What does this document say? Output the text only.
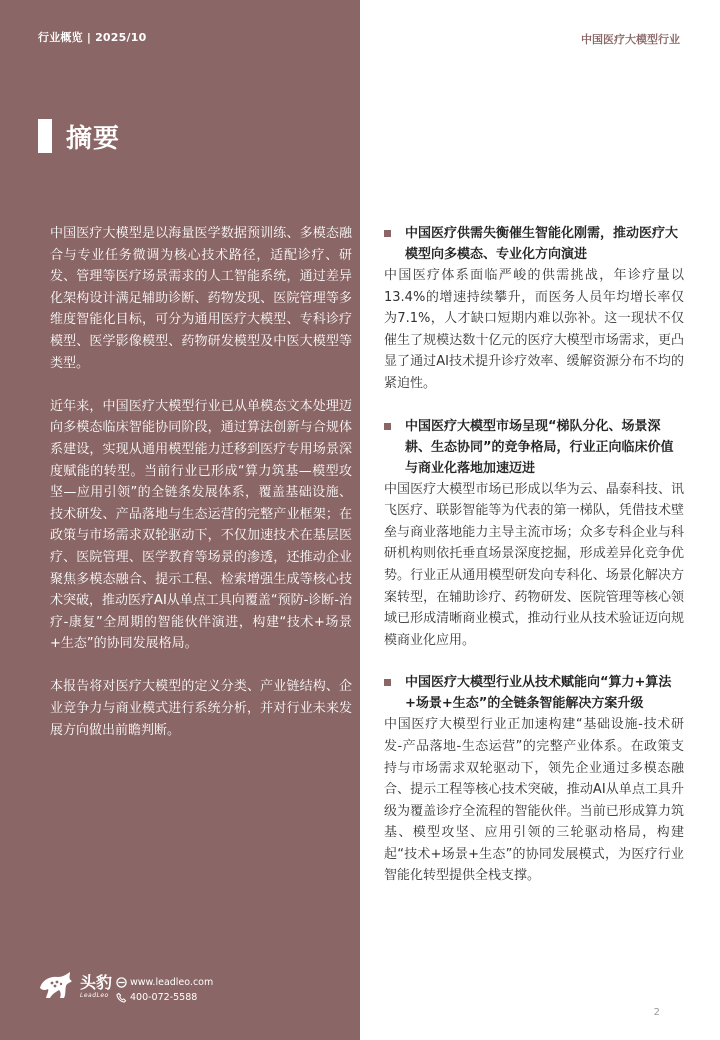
行业概览 | 2025/10
摘要

中国医疗大模型是以海量医学数据预训练、多模态融合与专业任务微调为核心技术路径，适配诊疗、研发、管理等医疗场景需求的人工智能系统，通过差异化架构设计满足辅助诊断、药物发现、医院管理等多维度智能化目标，可分为通用医疗大模型、专科诊疗模型、医学影像模型、药物研发模型及中医大模型等类型。

近年来，中国医疗大模型行业已从单模态文本处理迈向多模态临床智能协同阶段，通过算法创新与合规体系建设，实现从通用模型能力迁移到医疗专用场景深度赋能的转型。当前行业已形成“算力筑基—模型攻坚—应用引领”的全链条发展体系，覆盖基础设施、技术研发、产品落地与生态运营的完整产业框架；在政策与市场需求双轮驱动下，不仅加速技术在基层医疗、医院管理、医学教育等场景的渗透，还推动企业聚焦多模态融合、提示工程、检索增强生成等核心技术突破，推动医疗AI从单点工具向覆盖“预防-诊断-治疗-康复”全周期的智能伙伴演进，构建“技术+场景+生态”的协同发展格局。

本报告将对医疗大模型的定义分类、产业链结构、企业竞争力与商业模式进行系统分析，并对行业未来发展方向做出前瞻判断。

头豹
LeadLeo
www.leadleo.com
400-072-5588
中国医疗大模型行业
中国医疗供需失衡催生智能化刚需，推动医疗大模型向多模态、专业化方向演进
中国医疗体系面临严峻的供需挑战，年诊疗量以13.4%的增速持续攀升，而医务人员年均增长率仅为7.1%，人才缺口短期内难以弥补。这一现状不仅催生了规模达数十亿元的医疗大模型市场需求，更凸显了通过AI技术提升诊疗效率、缓解资源分布不均的紧迫性。
中国医疗大模型市场呈现“梯队分化、场景深耕、生态协同”的竞争格局，行业正向临床价值与商业化落地加速迈进
中国医疗大模型市场已形成以华为云、晶泰科技、讯飞医疗、联影智能等为代表的第一梯队，凭借技术壁垒与商业落地能力主导主流市场；众多专科企业与科研机构则依托垂直场景深度挖掘，形成差异化竞争优势。行业正从通用模型研发向专科化、场景化解决方案转型，在辅助诊疗、药物研发、医院管理等核心领域已形成清晰商业模式，推动行业从技术验证迈向规模商业化应用。
中国医疗大模型行业从技术赋能向“算力+算法+场景+生态”的全链条智能解决方案升级
中国医疗大模型行业正加速构建“基础设施-技术研发-产品落地-生态运营”的完整产业体系。在政策支持与市场需求双轮驱动下，领先企业通过多模态融合、提示工程等核心技术突破，推动AI从单点工具升级为覆盖诊疗全流程的智能伙伴。当前已形成算力筑基、模型攻坚、应用引领的三轮驱动格局，构建起“技术+场景+生态”的协同发展模式，为医疗行业智能化转型提供全栈支撑。
2
